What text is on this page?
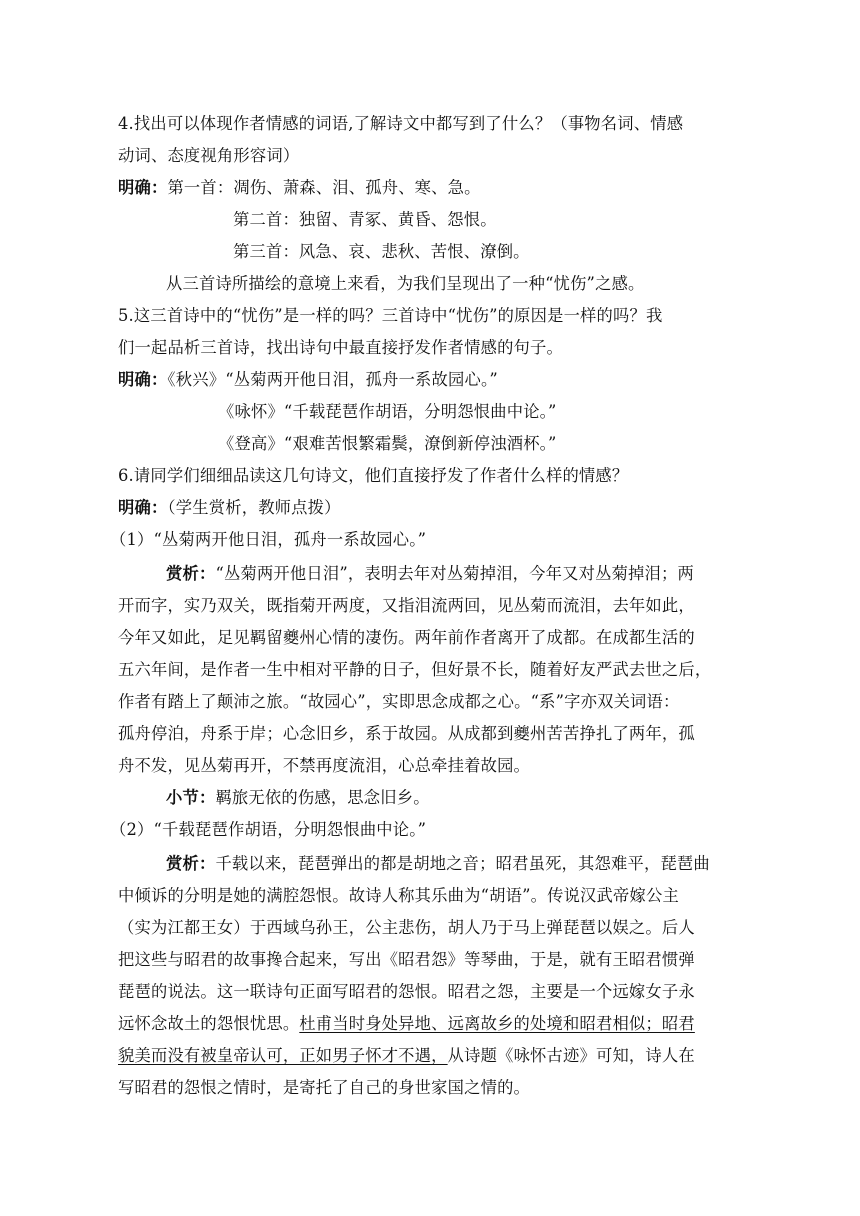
4.找出可以体现作者情感的词语,了解诗文中都写到了什么？（事物名词、情感
动词、态度视角形容词）
明确：第一首：凋伤、萧森、泪、孤舟、寒、急。
第二首：独留、青冢、黄昏、怨恨。
第三首：风急、哀、悲秋、苦恨、潦倒。
从三首诗所描绘的意境上来看，为我们呈现出了一种“忧伤”之感。
5.这三首诗中的“忧伤”是一样的吗？三首诗中“忧伤”的原因是一样的吗？我
们一起品析三首诗，找出诗句中最直接抒发作者情感的句子。
明确：《秋兴》“丛菊两开他日泪，孤舟一系故园心。”
《咏怀》“千载琵琶作胡语，分明怨恨曲中论。”
《登高》“艰难苦恨繁霜鬓，潦倒新停浊酒杯。”
6.请同学们细细品读这几句诗文，他们直接抒发了作者什么样的情感？
明确：（学生赏析，教师点拨）
（1）“丛菊两开他日泪，孤舟一系故园心。”
赏析：“丛菊两开他日泪”，表明去年对丛菊掉泪，今年又对丛菊掉泪；两
开而字，实乃双关，既指菊开两度，又指泪流两回，见丛菊而流泪，去年如此，
今年又如此，足见羁留夔州心情的凄伤。两年前作者离开了成都。在成都生活的
五六年间，是作者一生中相对平静的日子，但好景不长，随着好友严武去世之后，
作者有踏上了颠沛之旅。“故园心”，实即思念成都之心。“系”字亦双关词语：
孤舟停泊，舟系于岸；心念旧乡，系于故园。从成都到夔州苦苦挣扎了两年，孤
舟不发，见丛菊再开，不禁再度流泪，心总牵挂着故园。
小节：羁旅无依的伤感，思念旧乡。
（2）“千载琵琶作胡语，分明怨恨曲中论。”
赏析：千载以来，琵琶弹出的都是胡地之音；昭君虽死，其怨难平，琵琶曲
中倾诉的分明是她的满腔怨恨。故诗人称其乐曲为“胡语”。传说汉武帝嫁公主
（实为江都王女）于西域乌孙王，公主悲伤，胡人乃于马上弹琵琶以娱之。后人
把这些与昭君的故事搀合起来，写出《昭君怨》等琴曲，于是，就有王昭君惯弹
琵琶的说法。这一联诗句正面写昭君的怨恨。昭君之怨，主要是一个远嫁女子永
远怀念故土的怨恨忧思。杜甫当时身处异地、远离故乡的处境和昭君相似；昭君
貌美而没有被皇帝认可，正如男子怀才不遇，从诗题《咏怀古迹》可知，诗人在
写昭君的怨恨之情时，是寄托了自己的身世家国之情的。
